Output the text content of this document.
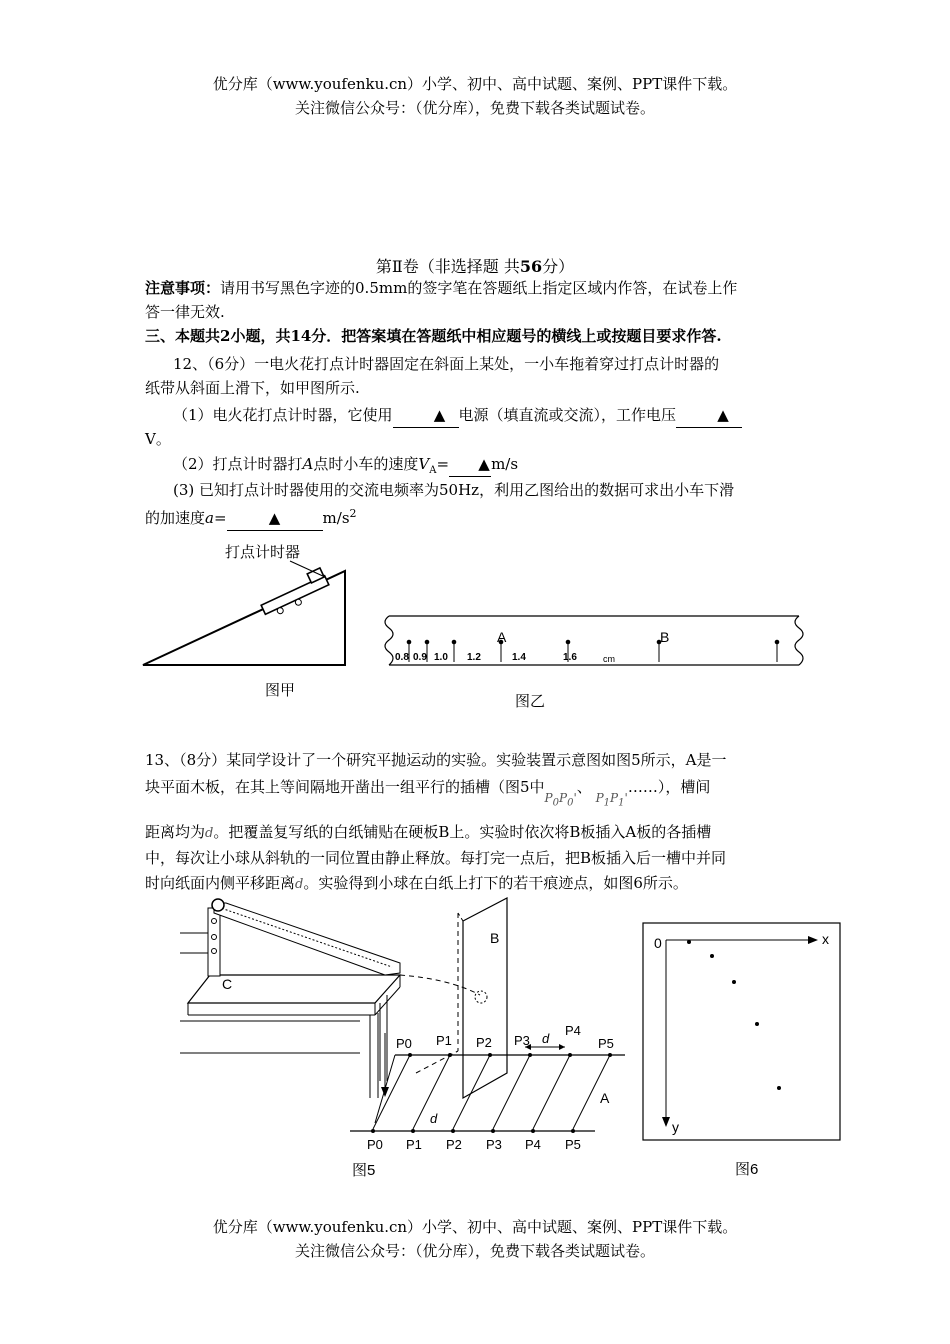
优分库（www.youfenku.cn）小学、初中、高中试题、案例、PPT课件下载。
关注微信公众号：（优分库），免费下载各类试题试卷。
第Ⅱ卷（非选择题 共56分）
注意事项：请用书写黑色字迹的0.5mm的签字笔在答题纸上指定区域内作答，在试卷上作
答一律无效.
三、本题共2小题，共14分．把答案填在答题纸中相应题号的横线上或按题目要求作答.
12、（6分）一电火花打点计时器固定在斜面上某处，一小车拖着穿过打点计时器的
纸带从斜面上滑下，如甲图所示.
（1）电火花打点计时器，它使用	▲ 电源（填直流或交流），工作电压	▲
V。
（2）打点计时器打A点时小车的速度$V_A=$ ▲m/s
(3) 已知打点计时器使用的交流电频率为50Hz，利用乙图给出的数据可求出小车下滑
的加速度a=	▲	$m/s^2$
打点计时器
图甲
A	B
0.8 0.9 1.0 1.2	1.4	1.6	cm
图乙
13、（8分）某同学设计了一个研究平抛运动的实验。实验装置示意图如图5所示，A是一
块平面木板，在其上等间隔地开凿出一组平行的插槽（图5中$_{P_0P_0'}$、 $_{P_1P_1'}$……），槽间
距离均为d。把覆盖复写纸的白纸铺贴在硬板B上。实验时依次将B板插入A板的各插槽
中，每次让小球从斜轨的一同位置由静止释放。每打完一点后，把B板插入后一槽中并同
时向纸面内侧平移距离d。实验得到小球在白纸上打下的若干痕迹点，如图6所示。
C
B
A
d
d
P0 P1 P2 P3
P4
P5
P0 P1 P2 P3 P4 P5
图5
0	x
y
图6
优分库（www.youfenku.cn）小学、初中、高中试题、案例、PPT课件下载。
关注微信公众号：（优分库），免费下载各类试题试卷。
